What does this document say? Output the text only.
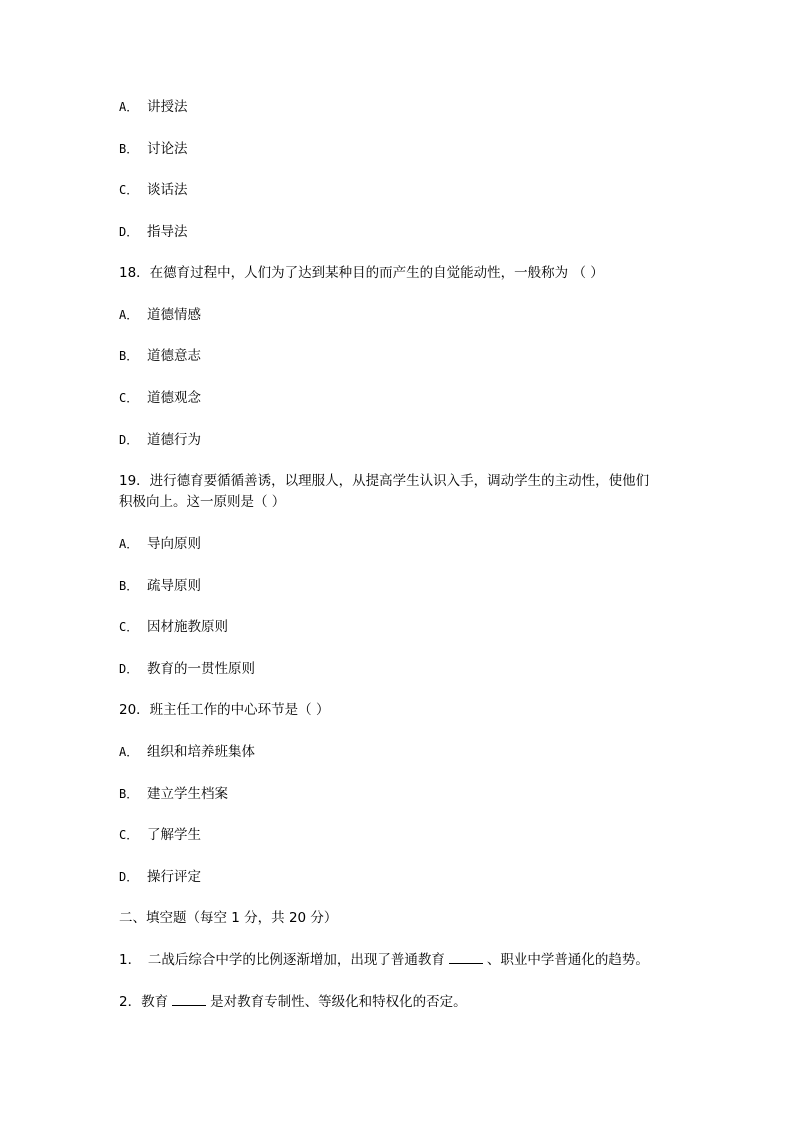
A． 讲授法
B． 讨论法
C． 谈话法
D． 指导法
18．在德育过程中，人们为了达到某种目的而产生的自觉能动性，一般称为 （ ）
A． 道德情感
B． 道德意志
C． 道德观念
D． 道德行为
19．进行德育要循循善诱，以理服人，从提高学生认识入手，调动学生的主动性，使他们
积极向上。这一原则是（ ）
A． 导向原则
B． 疏导原则
C． 因材施教原则
D． 教育的一贯性原则
20．班主任工作的中心环节是（ ）
A． 组织和培养班集体
B． 建立学生档案
C． 了解学生
D． 操行评定
二、填空题（每空 1 分，共 20 分）
1．　二战后综合中学的比例逐渐增加，出现了普通教育	、职业中学普通化的趋势。
2．教育	是对教育专制性、等级化和特权化的否定。
